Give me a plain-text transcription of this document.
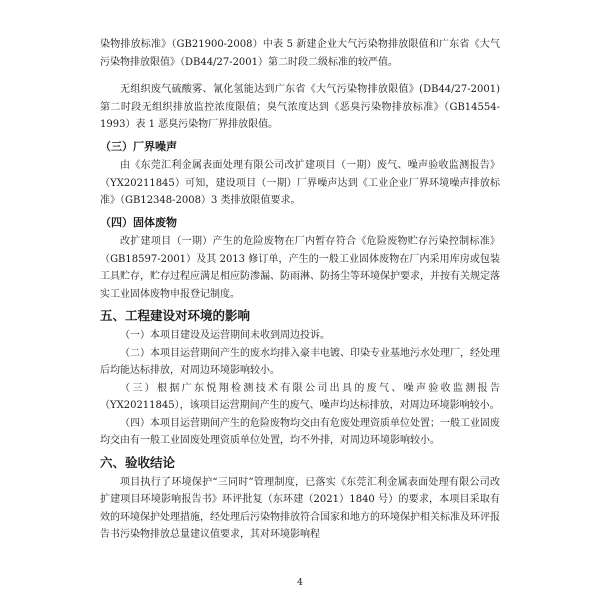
染物排放标准》（GB21900-2008）中表 5 新建企业大气污染物排放限值和广东省《大气污染物排放限值》（DB44/27-2001）第二时段二级标准的较严值。

无组织废气硫酸雾、氰化氢能达到广东省《大气污染物排放限值》(DB44/27-2001)第二时段无组织排放监控浓度限值；臭气浓度达到《恶臭污染物排放标准》（GB14554-1993）表 1 恶臭污染物厂界排放限值。

（三）厂界噪声

由《东莞汇利金属表面处理有限公司改扩建项目（一期）废气、噪声验收监测报告》（YX20211845）可知，建设项目（一期）厂界噪声达到《工业企业厂界环境噪声排放标准》（GB12348-2008）3 类排放限值要求。

（四）固体废物

改扩建项目（一期）产生的危险废物在厂内暂存符合《危险废物贮存污染控制标准》（GB18597-2001）及其 2013 修订单，产生的一般工业固体废物在厂内采用库房或包装工具贮存，贮存过程应满足相应防渗漏、防雨淋、防扬尘等环境保护要求，并按有关规定落实工业固体废物申报登记制度。

五、工程建设对环境的影响

（一）本项目建设及运营期间未收到周边投诉。

（二）本项目运营期间产生的废水均排入豪丰电镀、印染专业基地污水处理厂，经处理后均能达标排放，对周边环境影响较小。

（三）根据广东悦翔检测技术有限公司出具的废气、噪声验收监测报告（YX20211845），该项目运营期间产生的废气、噪声均达标排放，对周边环境影响较小。

（四）本项目运营期间产生的危险废物均交由有危废处理资质单位处置；一般工业固废均交由有一般工业固废处理资质单位处置，均不外排，对周边环境影响较小。

六、验收结论

项目执行了环境保护“三同时”管理制度，已落实《东莞汇利金属表面处理有限公司改扩建项目环境影响报告书》环评批复（东环建（2021）1840 号）的要求，本项目采取有效的环境保护处理措施，经处理后污染物排放符合国家和地方的环境保护相关标准及环评报告书污染物排放总量建议值要求，其对环境影响程

4
